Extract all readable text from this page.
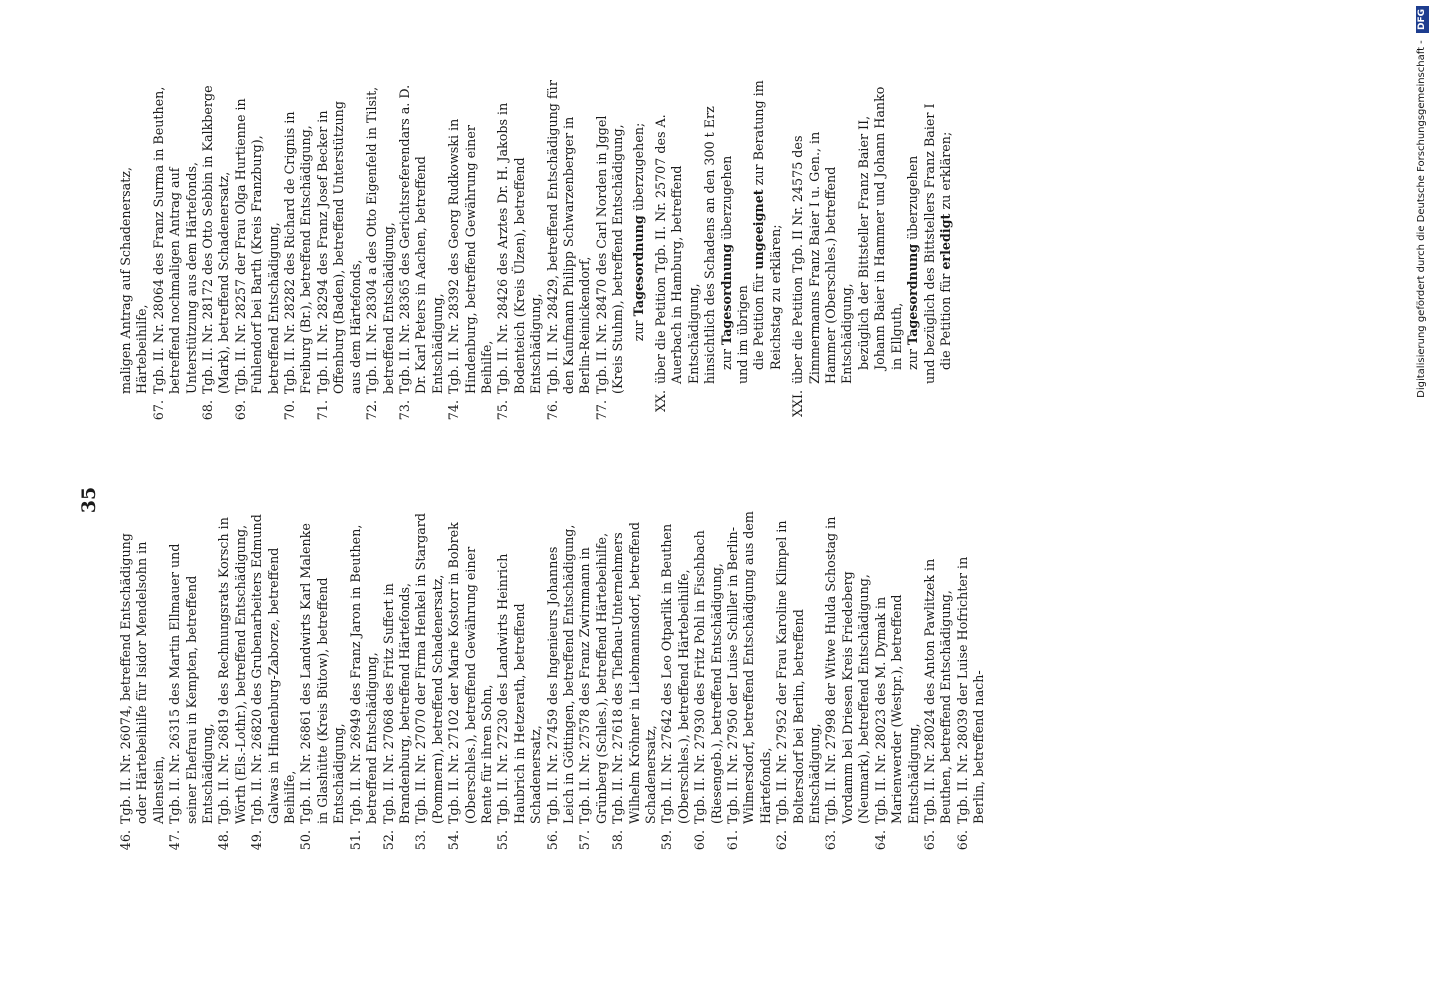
35
46.
Tgb. II. Nr. 26074, betreffend Entschädigung oder Härtebeihilfe für Isidor Mendelsohn in Allenstein,
47.
Tgb. II. Nr. 26315 des Martin Ellmauer und seiner Ehefrau in Kempten, betreffend Entschädigung,
48.
Tgb. II. Nr. 26819 des Rechnungsrats Korsch in Wörth (Els.-Lothr.), betreffend Entschädigung,
49.
Tgb. II. Nr. 26820 des Grubenarbeiters Edmund Galwas in Hindenburg-Zaborze, betreffend Beihilfe,
50.
Tgb. II. Nr. 26861 des Landwirts Karl Malenke in Glashütte (Kreis Bütow), betreffend Entschädigung,
51.
Tgb. II. Nr. 26949 des Franz Jaron in Beuthen, betreffend Entschädigung,
52.
Tgb. II. Nr. 27068 des Fritz Suffert in Brandenburg, betreffend Härtefonds,
53.
Tgb. II. Nr. 27070 der Firma Henkel in Stargard (Pommern), betreffend Schadenersatz,
54.
Tgb. II. Nr. 27102 der Marie Kostorr in Bobrek (Oberschles.), betreffend Gewährung einer Rente für ihren Sohn,
55.
Tgb. II. Nr. 27230 des Landwirts Heinrich Haubrich in Hetzerath, betreffend Schadenersatz,
56.
Tgb. II. Nr. 27459 des Ingenieurs Johannes Leich in Göttingen, betreffend Entschädigung,
57.
Tgb. II. Nr. 27578 des Franz Zwirnmann in Grünberg (Schles.), betreffend Härtebeihilfe,
58.
Tgb. II. Nr. 27618 des Tiefbau-Unternehmers Wilhelm Kröhner in Liebmannsdorf, betreffend Schadenersatz,
59.
Tgb. II. Nr. 27642 des Leo Otparlik in Beuthen (Oberschles.), betreffend Härtebeihilfe,
60.
Tgb. II. Nr. 27930 des Fritz Pohl in Fischbach (Riesengeb.), betreffend Entschädigung,
61.
Tgb. II. Nr. 27950 der Luise Schiller in Berlin-Wilmersdorf, betreffend Entschädigung aus dem Härtefonds,
62.
Tgb. II. Nr. 27952 der Frau Karoline Klimpel in Boltersdorf bei Berlin, betreffend Entschädigung,
63.
Tgb. II. Nr. 27998 der Witwe Hulda Schostag in Vordamm bei Driesen Kreis Friedeberg (Neumark), betreffend Entschädigung,
64.
Tgb. II. Nr. 28023 des M. Dymak in Marienwerder (Westpr.), betreffend Entschädigung,
65.
Tgb. II. Nr. 28024 des Anton Pawlitzek in Beuthen, betreffend Entschädigung,
66.
Tgb. II. Nr. 28039 der Luise Hofrichter in Berlin, betreffend nach-

maligen Antrag auf Schadenersatz, Härtebeihilfe,

67.
Tgb. II. Nr. 28064 des Franz Surma in Beuthen, betreffend nochmaligen Antrag auf Unterstützung aus dem Härtefonds,
68.
Tgb. II. Nr. 28172 des Otto Sebbin in Kalkberge (Mark), betreffend Schadenersatz,
69.
Tgb. II. Nr. 28257 der Frau Olga Hurtienne in Fuhlendorf bei Barth (Kreis Franzburg), betreffend Entschädigung,
70.
Tgb. II. Nr. 28282 des Richard de Crignis in Freiburg (Br.), betreffend Entschädigung,
71.
Tgb. II. Nr. 28294 des Franz Josef Becker in Offenburg (Baden), betreffend Unterstützung aus dem Härtefonds,
72.
Tgb. II. Nr. 28304 a des Otto Eigenfeld in Tilsit, betreffend Entschädigung,
73.
Tgb. II. Nr. 28365 des Gerichtsreferendars a. D. Dr. Karl Peters in Aachen, betreffend Entschädigung,
74.
Tgb. II. Nr. 28392 des Georg Rudkowski in Hindenburg, betreffend Gewährung einer Beihilfe,
75.
Tgb. II. Nr. 28426 des Arztes Dr. H. Jakobs in Bodenteich (Kreis Ülzen), betreffend Entschädigung,
76.
Tgb. II. Nr. 28429, betreffend Entschädigung für den Kaufmann Philipp Schwarzenberger in Berlin-Reinickendorf,
77.
Tgb. II. Nr. 28470 des Carl Norden in Jggel (Kreis Stuhm), betreffend Entschädigung, zur Tagesordnung überzugehen;

XX.
über die Petition Tgb. II. Nr. 25707 des A. Auerbach in Hamburg, betreffend Entschädigung, hinsichtlich des Schadens an den 300 t Erz zur Tagesordnung überzugehen
und im übrigen die Petition für ungeeignet zur Beratung im Reichstag zu erklären;
XXI.
über die Petition Tgb. II Nr. 24575 des Zimmermanns Franz Baier I u. Gen., in Hammer (Oberschles.) betreffend Entschädigung, bezüglich der Bittsteller Franz Baier II, Johann Baier in Hammer und Johann Hanko in Ellguth, zur Tagesordnung überzugehen und bezüglich des Bittstellers Franz Baier I die Petition für erledigt zu erklären;	Digitalisierung gefördert durch die Deutsche Forschungsgemeinschaft - DFG
